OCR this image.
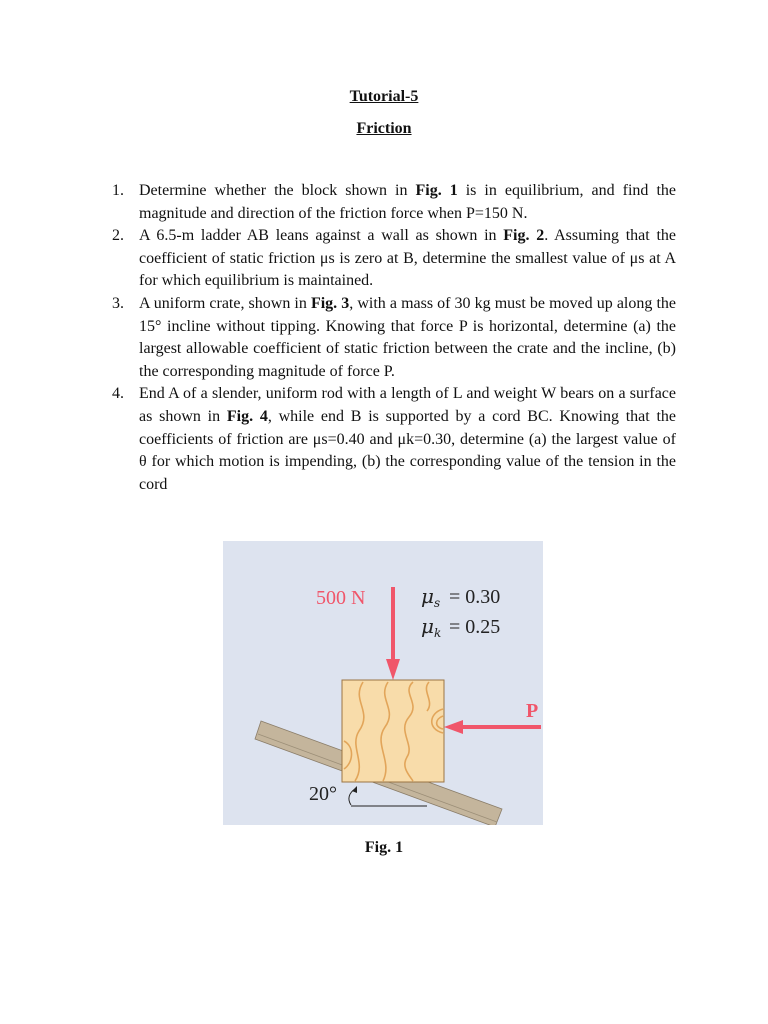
Tutorial-5
Friction
1. Determine whether the block shown in Fig. 1 is in equilibrium, and find the magnitude and direction of the friction force when P=150 N.
2. A 6.5-m ladder AB leans against a wall as shown in Fig. 2. Assuming that the coefficient of static friction μs is zero at B, determine the smallest value of μs at A for which equilibrium is maintained.
3. A uniform crate, shown in Fig. 3, with a mass of 30 kg must be moved up along the 15° incline without tipping. Knowing that force P is horizontal, determine (a) the largest allowable coefficient of static friction between the crate and the incline, (b) the corresponding magnitude of force P.
4. End A of a slender, uniform rod with a length of L and weight W bears on a surface as shown in Fig. 4, while end B is supported by a cord BC. Knowing that the coefficients of friction are μs=0.40 and μk=0.30, determine (a) the largest value of θ for which motion is impending, (b) the corresponding value of the tension in the cord
500 N	$\mu_s = 0.30$
$\mu_k = 0.25$
P
20°
Fig. 1
